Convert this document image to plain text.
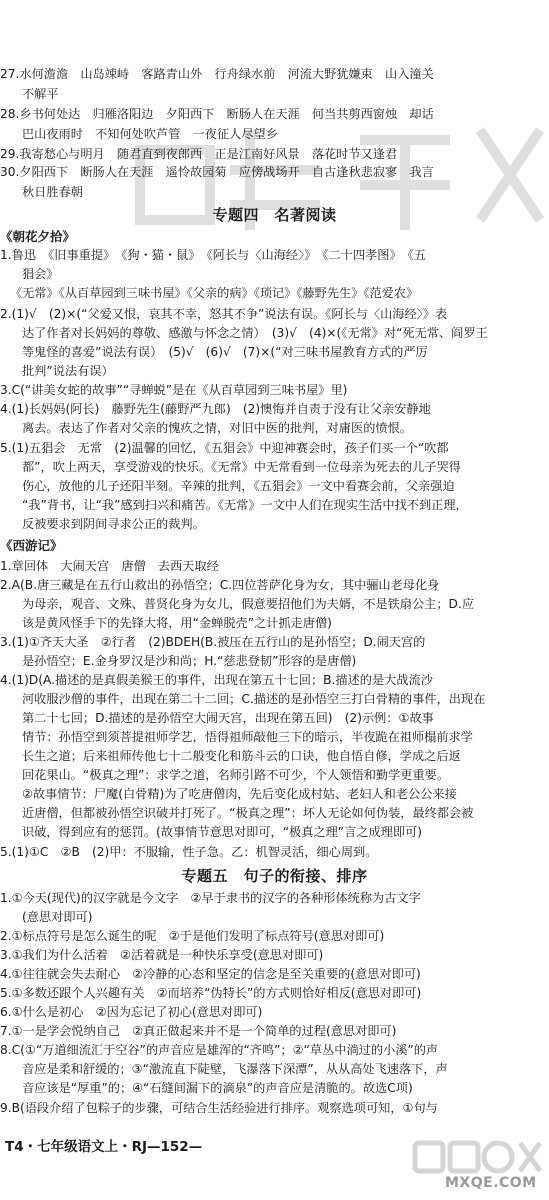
27.水何澹澹　山岛竦峙　客路青山外　行舟绿水前　河流大野犹嫌束　山入潼关
不解平
28.乡书何处达　归雁洛阳边　夕阳西下　断肠人在天涯　何当共剪西窗烛　却话
巴山夜雨时　不知何处吹芦管　一夜征人尽望乡
29.我寄愁心与明月　随君直到夜郎西　正是江南好风景　落花时节又逢君
30.夕阳西下　断肠人在天涯　遥怜故园菊　应傍战场开　自古逢秋悲寂寥　我言
秋日胜春朝
专题四　名著阅读
《朝花夕拾》
1.鲁迅　《旧事重提》　《狗・猫・鼠》　《阿长与〈山海经〉》　《二十四孝图》　《五
猖会》
《无常》《从百草园到三味书屋》《父亲的病》《琐记》《藤野先生》《范爱农》
2.(1)√　(2)×(“父爱又恨，哀其不幸，怒其不争”说法有误。《阿长与〈山海经〉》表
达了作者对长妈妈的尊敬、感激与怀念之情）　(3)√　(4)×(《无常》对“死无常、阎罗王
等鬼怪的喜爱”说法有误）　(5)√　(6)√　(7)×(“对三味书屋教育方式的严厉
批判”说法有误）
3.C(“讲美女蛇的故事”“寻蝉蜕”是在《从百草园到三味书屋》里)
4.(1)长妈妈(阿长)　藤野先生(藤野严九郎)　(2)懊悔并自责于没有让父亲安静地
离去。表达了作者对父亲的愧疚之情，对旧中医的批判，对庸医的愤恨。
5.(1)五猖会　无常　(2)温馨的回忆，《五猖会》中迎神赛会时，孩子们买一个“吹都
都”，吹上两天，享受游戏的快乐。《无常》中无常看到一位母亲为死去的儿子哭得
伤心，放他的儿子还阳半刻。辛辣的批判，《五猖会》一文中看赛会前，父亲强迫
“我”背书，让“我”感到扫兴和痛苦。《无常》一文中人们在现实生活中找不到正理，
反被要求到阴间寻求公正的裁判。
《西游记》
1.章回体　大闹天宫　唐僧　去西天取经
2.A(B.唐三藏是在五行山救出的孙悟空；C.四位菩萨化身为女，其中骊山老母化身
为母亲，观音、文殊、普贤化身为女儿，假意要招他们为夫婿，不是铁扇公主；D.应
该是黄风怪手下的先锋大将，用“金蝉脱壳”之计抓走唐僧)
3.(1)①齐天大圣　②行者　(2)BDEH(B.被压在五行山的是孙悟空；D.闹天宫的
是孙悟空；E.金身罗汉是沙和尚；H.“慈悲登韧”形容的是唐僧)
4.(1)D(A.描述的是真假美猴王的事件，出现在第五十七回；B.描述的是大战流沙
河收服沙僧的事件，出现在第二十二回；C.描述的是孙悟空三打白骨精的事件，出现在
第二十七回；D.描述的是孙悟空大闹天宫，出现在第五回)　(2)示例：①故事
情节：孙悟空到须菩提祖师学艺，悟得祖师敲他三下的暗示，半夜跪在祖师榻前求学
长生之道；后来祖师传他七十二般变化和筋斗云的口诀，他自悟自修，学成之后返
回花果山。“极真之理”：求学之道，名师引路不可少，个人领悟和勤学更重要。
②故事情节：尸魔(白骨精)为了吃唐僧肉，先后变化成村姑、老妇人和老公公来接
近唐僧，但都被孙悟空识破并打死了。“极真之理”：坏人无论如何伪装，最终都会被
识破，得到应有的惩罚。(故事情节意思对即可，“极真之理”言之成理即可)
5.(1)①C　②B　(2)甲：不服输，性子急。乙：机智灵活，细心周到。
专题五　句子的衔接、排序
1.①今天(现代)的汉字就是今文字　②早于隶书的汉字的各种形体统称为古文字
(意思对即可)
2.①标点符号是怎么诞生的呢　②于是他们发明了标点符号(意思对即可)
3.①我们为什么活着　②活着就是一种快乐享受(意思对即可)
4.①往往就会失去耐心　②冷静的心态和坚定的信念是至关重要的(意思对即可)
5.①多数还跟个人兴趣有关　②而培养“伪特长”的方式则恰好相反(意思对即可)
6.①什么是初心　②因为忘记了初心(意思对即可)
7.①一是学会悦纳自己　②真正做起来并不是一个简单的过程(意思对即可)
8.C(①“万道细流汇于空谷”的声音应是雄浑的“齐鸣”；②“草丛中淌过的小溪”的声
音应是柔和舒缓的；③“激流直下陡壁，飞瀑落下深潭”，从从高处飞速落下，声
音应该是“厚重”的；④“石缝间漏下的滴泉”的声音应是清脆的。故选C项)
9.B(语段介绍了包粽子的步骤，可结合生活经验进行排序。观察选项可知，①句与
T4・七年级语文上・RJ—152—
MXQE.COM
